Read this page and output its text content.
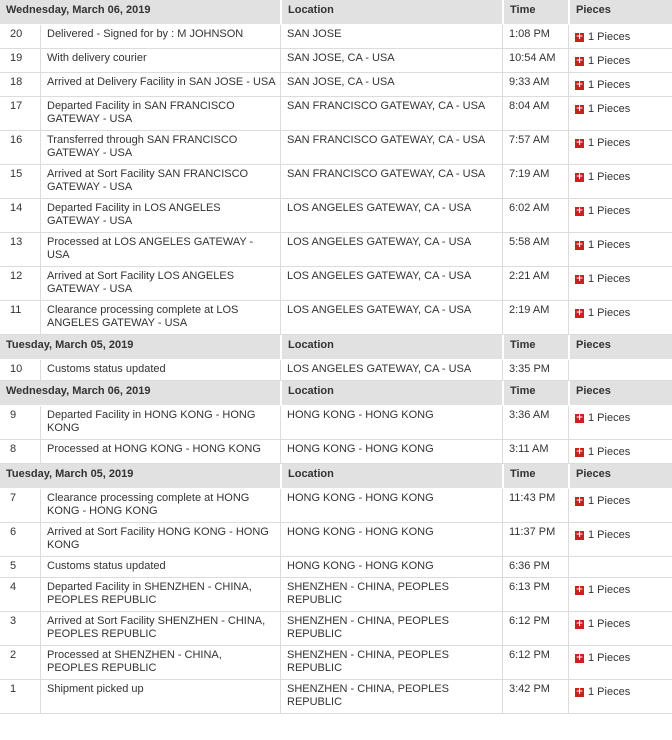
Wednesday, March 06, 2019		Location	Time	Pieces
20	Delivered - Signed for by : M JOHNSON	SAN JOSE	1:08 PM	+ 1 Pieces

19	With delivery courier	SAN JOSE, CA - USA	10:54 AM	+ 1 Pieces

18	Arrived at Delivery Facility in SAN JOSE - USA	SAN JOSE, CA - USA	9:33 AM	+ 1 Pieces

17	Departed Facility in SAN FRANCISCO GATEWAY - USA	SAN FRANCISCO GATEWAY, CA - USA	8:04 AM	+ 1 Pieces

16	Transferred through SAN FRANCISCO GATEWAY - USA	SAN FRANCISCO GATEWAY, CA - USA	7:57 AM	+ 1 Pieces

15	Arrived at Sort Facility SAN FRANCISCO GATEWAY - USA	SAN FRANCISCO GATEWAY, CA - USA	7:19 AM	+ 1 Pieces

14	Departed Facility in LOS ANGELES GATEWAY - USA	LOS ANGELES GATEWAY, CA - USA	6:02 AM	+ 1 Pieces

13	Processed at LOS ANGELES GATEWAY - USA	LOS ANGELES GATEWAY, CA - USA	5:58 AM	+ 1 Pieces

12	Arrived at Sort Facility LOS ANGELES GATEWAY - USA	LOS ANGELES GATEWAY, CA - USA	2:21 AM	+ 1 Pieces

11	Clearance processing complete at LOS ANGELES GATEWAY - USA	LOS ANGELES GATEWAY, CA - USA	2:19 AM	+ 1 Pieces

Tuesday, March 05, 2019		Location	Time	Pieces
10	Customs status updated	LOS ANGELES GATEWAY, CA - USA	3:35 PM	
Wednesday, March 06, 2019		Location	Time	Pieces
9	Departed Facility in HONG KONG - HONG KONG	HONG KONG - HONG KONG	3:36 AM	+ 1 Pieces

8	Processed at HONG KONG - HONG KONG	HONG KONG - HONG KONG	3:11 AM	+ 1 Pieces

Tuesday, March 05, 2019		Location	Time	Pieces
7	Clearance processing complete at HONG KONG - HONG KONG	HONG KONG - HONG KONG	11:43 PM	+ 1 Pieces

6	Arrived at Sort Facility HONG KONG - HONG KONG	HONG KONG - HONG KONG	11:37 PM	+ 1 Pieces

5	Customs status updated	HONG KONG - HONG KONG	6:36 PM	
4	Departed Facility in SHENZHEN - CHINA, PEOPLES REPUBLIC	SHENZHEN - CHINA, PEOPLES REPUBLIC	6:13 PM	+ 1 Pieces

3	Arrived at Sort Facility SHENZHEN - CHINA, PEOPLES REPUBLIC	SHENZHEN - CHINA, PEOPLES REPUBLIC	6:12 PM	+ 1 Pieces

2	Processed at SHENZHEN - CHINA, PEOPLES REPUBLIC	SHENZHEN - CHINA, PEOPLES REPUBLIC	6:12 PM	+ 1 Pieces

1	Shipment picked up	SHENZHEN - CHINA, PEOPLES REPUBLIC	3:42 PM	+ 1 Pieces
